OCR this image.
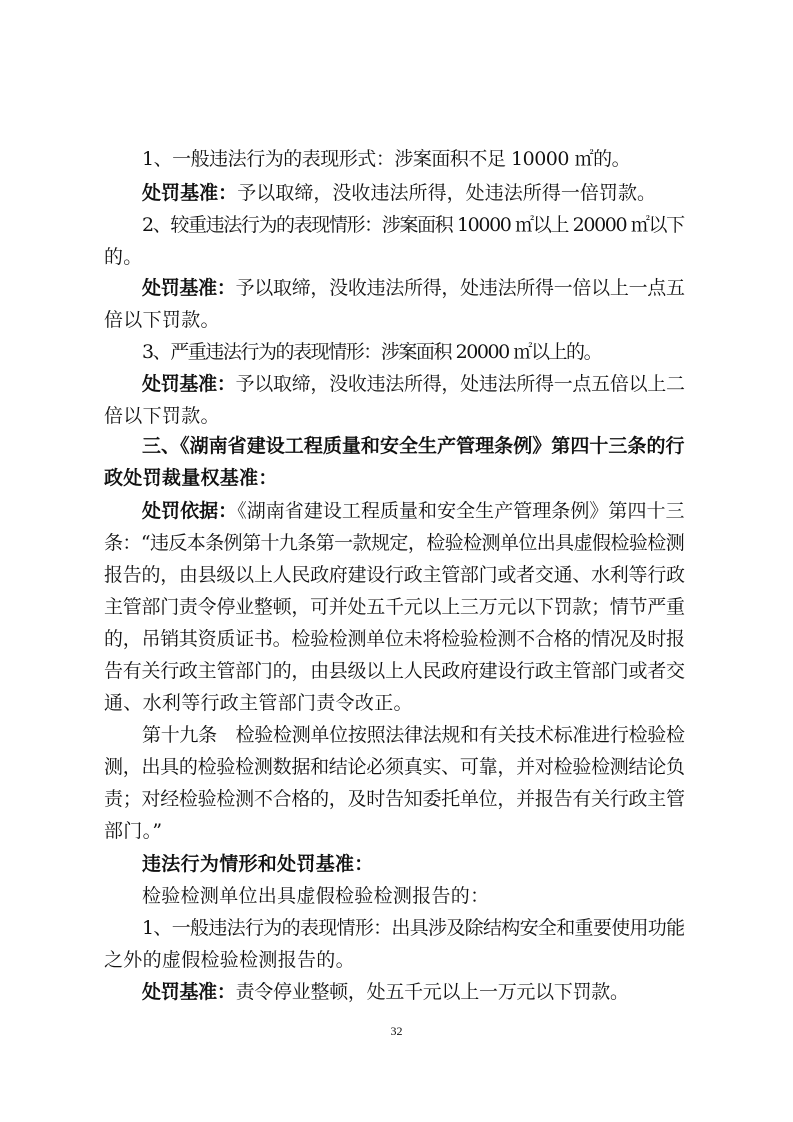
1、一般违法行为的表现形式：涉案面积不足 10000 ㎡的。
处罚基准：予以取缔，没收违法所得，处违法所得一倍罚款。
2、较重违法行为的表现情形：涉案面积 10000 ㎡以上 20000 ㎡以下
的。
处罚基准：予以取缔，没收违法所得，处违法所得一倍以上一点五
倍以下罚款。
3、严重违法行为的表现情形：涉案面积 20000 ㎡以上的。
处罚基准：予以取缔，没收违法所得，处违法所得一点五倍以上二
倍以下罚款。
三、《湖南省建设工程质量和安全生产管理条例》第四十三条的行
政处罚裁量权基准：
处罚依据：《湖南省建设工程质量和安全生产管理条例》第四十三
条：“违反本条例第十九条第一款规定，检验检测单位出具虚假检验检测
报告的，由县级以上人民政府建设行政主管部门或者交通、水利等行政
主管部门责令停业整顿，可并处五千元以上三万元以下罚款；情节严重
的，吊销其资质证书。检验检测单位未将检验检测不合格的情况及时报
告有关行政主管部门的，由县级以上人民政府建设行政主管部门或者交
通、水利等行政主管部门责令改正。
第十九条　检验检测单位按照法律法规和有关技术标准进行检验检
测，出具的检验检测数据和结论必须真实、可靠，并对检验检测结论负
责；对经检验检测不合格的，及时告知委托单位，并报告有关行政主管
部门。”
违法行为情形和处罚基准：
检验检测单位出具虚假检验检测报告的：
1、一般违法行为的表现情形：出具涉及除结构安全和重要使用功能
之外的虚假检验检测报告的。
处罚基准：责令停业整顿，处五千元以上一万元以下罚款。
32
